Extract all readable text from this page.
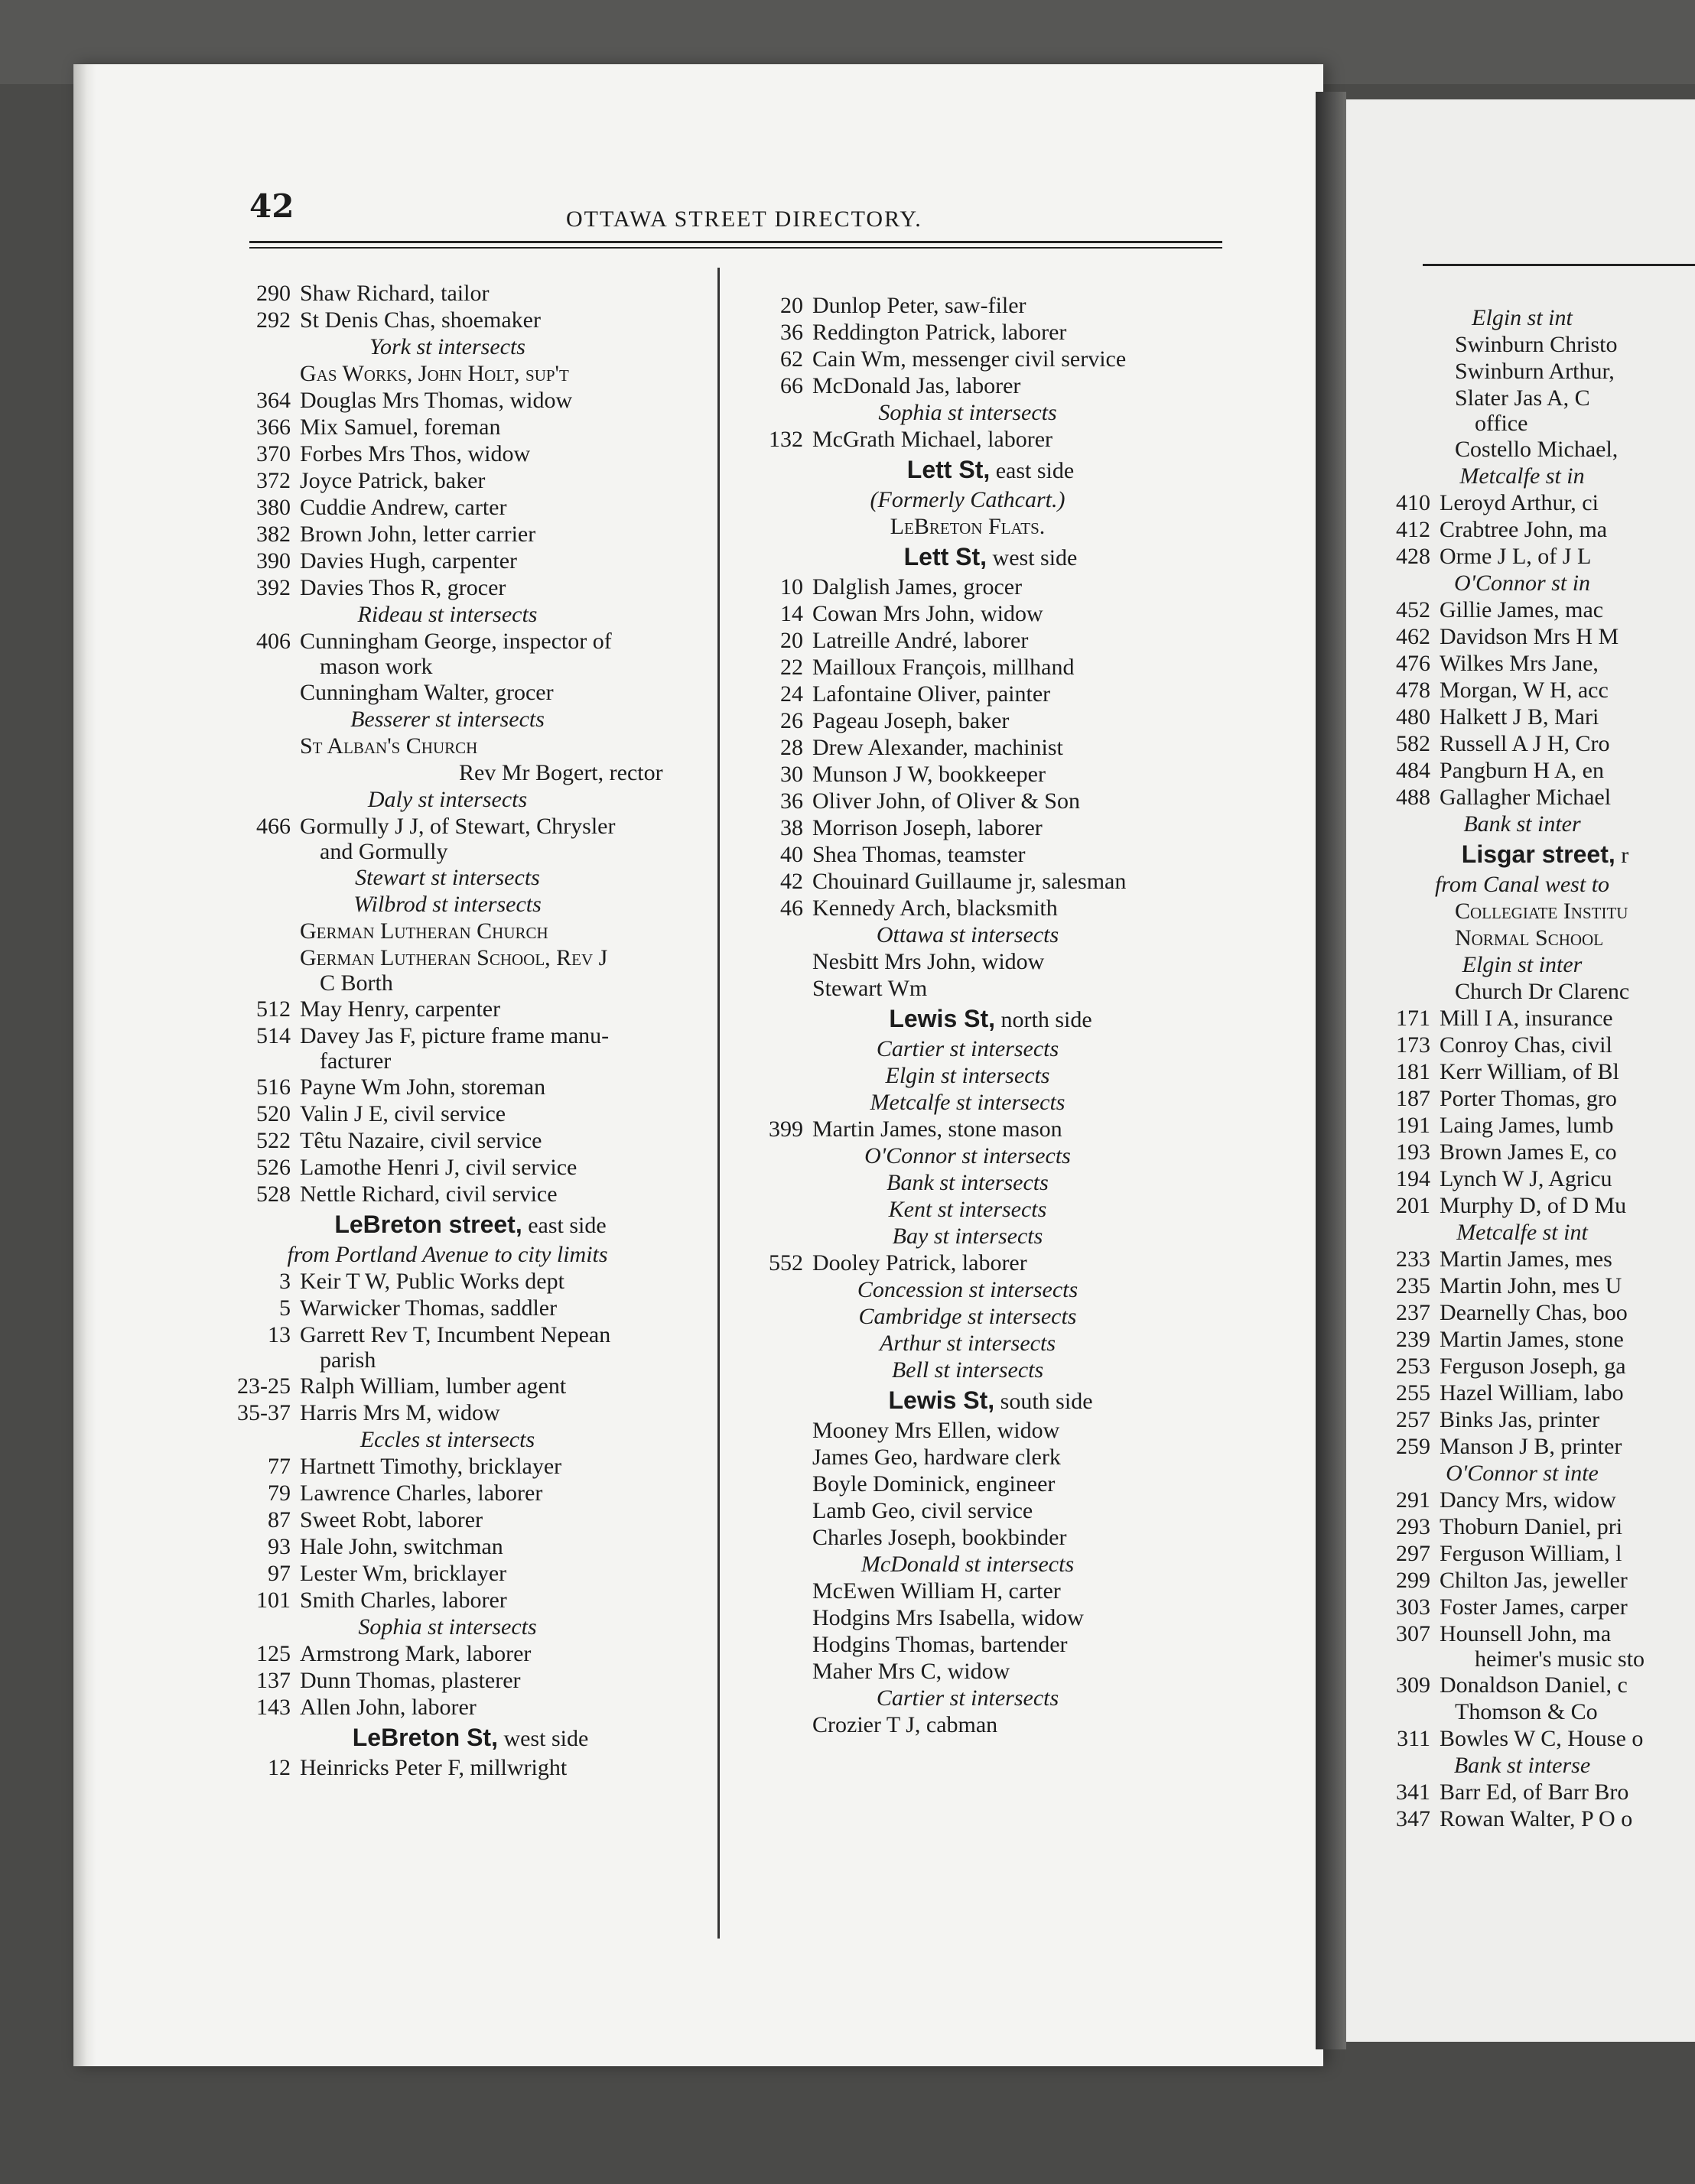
42	OTTAWA STREET DIRECTORY.
290 Shaw Richard, tailor
292 St Denis Chas, shoemaker
York st intersects
Gas Works, John Holt, sup't
364 Douglas Mrs Thomas, widow
366 Mix Samuel, foreman
370 Forbes Mrs Thos, widow
372 Joyce Patrick, baker
380 Cuddie Andrew, carter
382 Brown John, letter carrier
390 Davies Hugh, carpenter
392 Davies Thos R, grocer
Rideau st intersects
406 Cunningham George, inspector of
mason work
Cunningham Walter, grocer
Besserer st intersects
St Alban's Church
Rev Mr Bogert, rector
Daly st intersects
466 Gormully J J, of Stewart, Chrysler
and Gormully
Stewart st intersects
Wilbrod st intersects
German Lutheran Church
German Lutheran School, Rev J
C Borth
512 May Henry, carpenter
514 Davey Jas F, picture frame manu-
facturer
516 Payne Wm John, storeman
520 Valin J E, civil service
522 Têtu Nazaire, civil service
526 Lamothe Henri J, civil service
528 Nettle Richard, civil service
LeBreton street, east side
from Portland Avenue to city limits
3 Keir T W, Public Works dept
5 Warwicker Thomas, saddler
13 Garrett Rev T, Incumbent Nepean
parish
23-25 Ralph William, lumber agent
35-37 Harris Mrs M, widow
Eccles st intersects
77 Hartnett Timothy, bricklayer
79 Lawrence Charles, laborer
87 Sweet Robt, laborer
93 Hale John, switchman
97 Lester Wm, bricklayer
101 Smith Charles, laborer
Sophia st intersects
125 Armstrong Mark, laborer
137 Dunn Thomas, plasterer
143 Allen John, laborer
LeBreton St, west side
12 Heinricks Peter F, millwright
20 Dunlop Peter, saw-filer
36 Reddington Patrick, laborer
62 Cain Wm, messenger civil service
66 McDonald Jas, laborer
Sophia st intersects
132 McGrath Michael, laborer
Lett St, east side
(Formerly Cathcart.)
LeBreton Flats.
Lett St, west side
10 Dalglish James, grocer
14 Cowan Mrs John, widow
20 Latreille André, laborer
22 Mailloux François, millhand
24 Lafontaine Oliver, painter
26 Pageau Joseph, baker
28 Drew Alexander, machinist
30 Munson J W, bookkeeper
36 Oliver John, of Oliver & Son
38 Morrison Joseph, laborer
40 Shea Thomas, teamster
42 Chouinard Guillaume jr, salesman
46 Kennedy Arch, blacksmith
Ottawa st intersects
Nesbitt Mrs John, widow
Stewart Wm
Lewis St, north side
Cartier st intersects
Elgin st intersects
Metcalfe st intersects
399 Martin James, stone mason
O'Connor st intersects
Bank st intersects
Kent st intersects
Bay st intersects
552 Dooley Patrick, laborer
Concession st intersects
Cambridge st intersects
Arthur st intersects
Bell st intersects
Lewis St, south side
Mooney Mrs Ellen, widow
James Geo, hardware clerk
Boyle Dominick, engineer
Lamb Geo, civil service
Charles Joseph, bookbinder
McDonald st intersects
McEwen William H, carter
Hodgins Mrs Isabella, widow
Hodgins Thomas, bartender
Maher Mrs C, widow
Cartier st intersects
Crozier T J, cabman
Elgin st int
Swinburn Christo
Swinburn Arthur,
Slater Jas A, C
office
Costello Michael,
Metcalfe st in
410 Leroyd Arthur, ci
412 Crabtree John, ma
428 Orme J L, of J L
O'Connor st in
452 Gillie James, mac
462 Davidson Mrs H M
476 Wilkes Mrs Jane,
478 Morgan, W H, acc
480 Halkett J B, Mari
582 Russell A J H, Cro
484 Pangburn H A, en
488 Gallagher Michael
Bank st inter
Lisgar street, r
from Canal west to
Collegiate Institu
Normal School
Elgin st inter
Church Dr Clarenc
171 Mill I A, insurance
173 Conroy Chas, civil
181 Kerr William, of Bl
187 Porter Thomas, gro
191 Laing James, lumb
193 Brown James E, co
194 Lynch W J, Agricu
201 Murphy D, of D Mu
Metcalfe st int
233 Martin James, mes
235 Martin John, mes U
237 Dearnelly Chas, boo
239 Martin James, stone
253 Ferguson Joseph, ga
255 Hazel William, labo
257 Binks Jas, printer
259 Manson J B, printer
O'Connor st inte
291 Dancy Mrs, widow
293 Thoburn Daniel, pri
297 Ferguson William, l
299 Chilton Jas, jeweller
303 Foster James, carper
307 Hounsell John, ma
heimer's music sto
309 Donaldson Daniel, c
Thomson & Co
311 Bowles W C, House o
Bank st interse
341 Barr Ed, of Barr Bro
347 Rowan Walter, P O o
